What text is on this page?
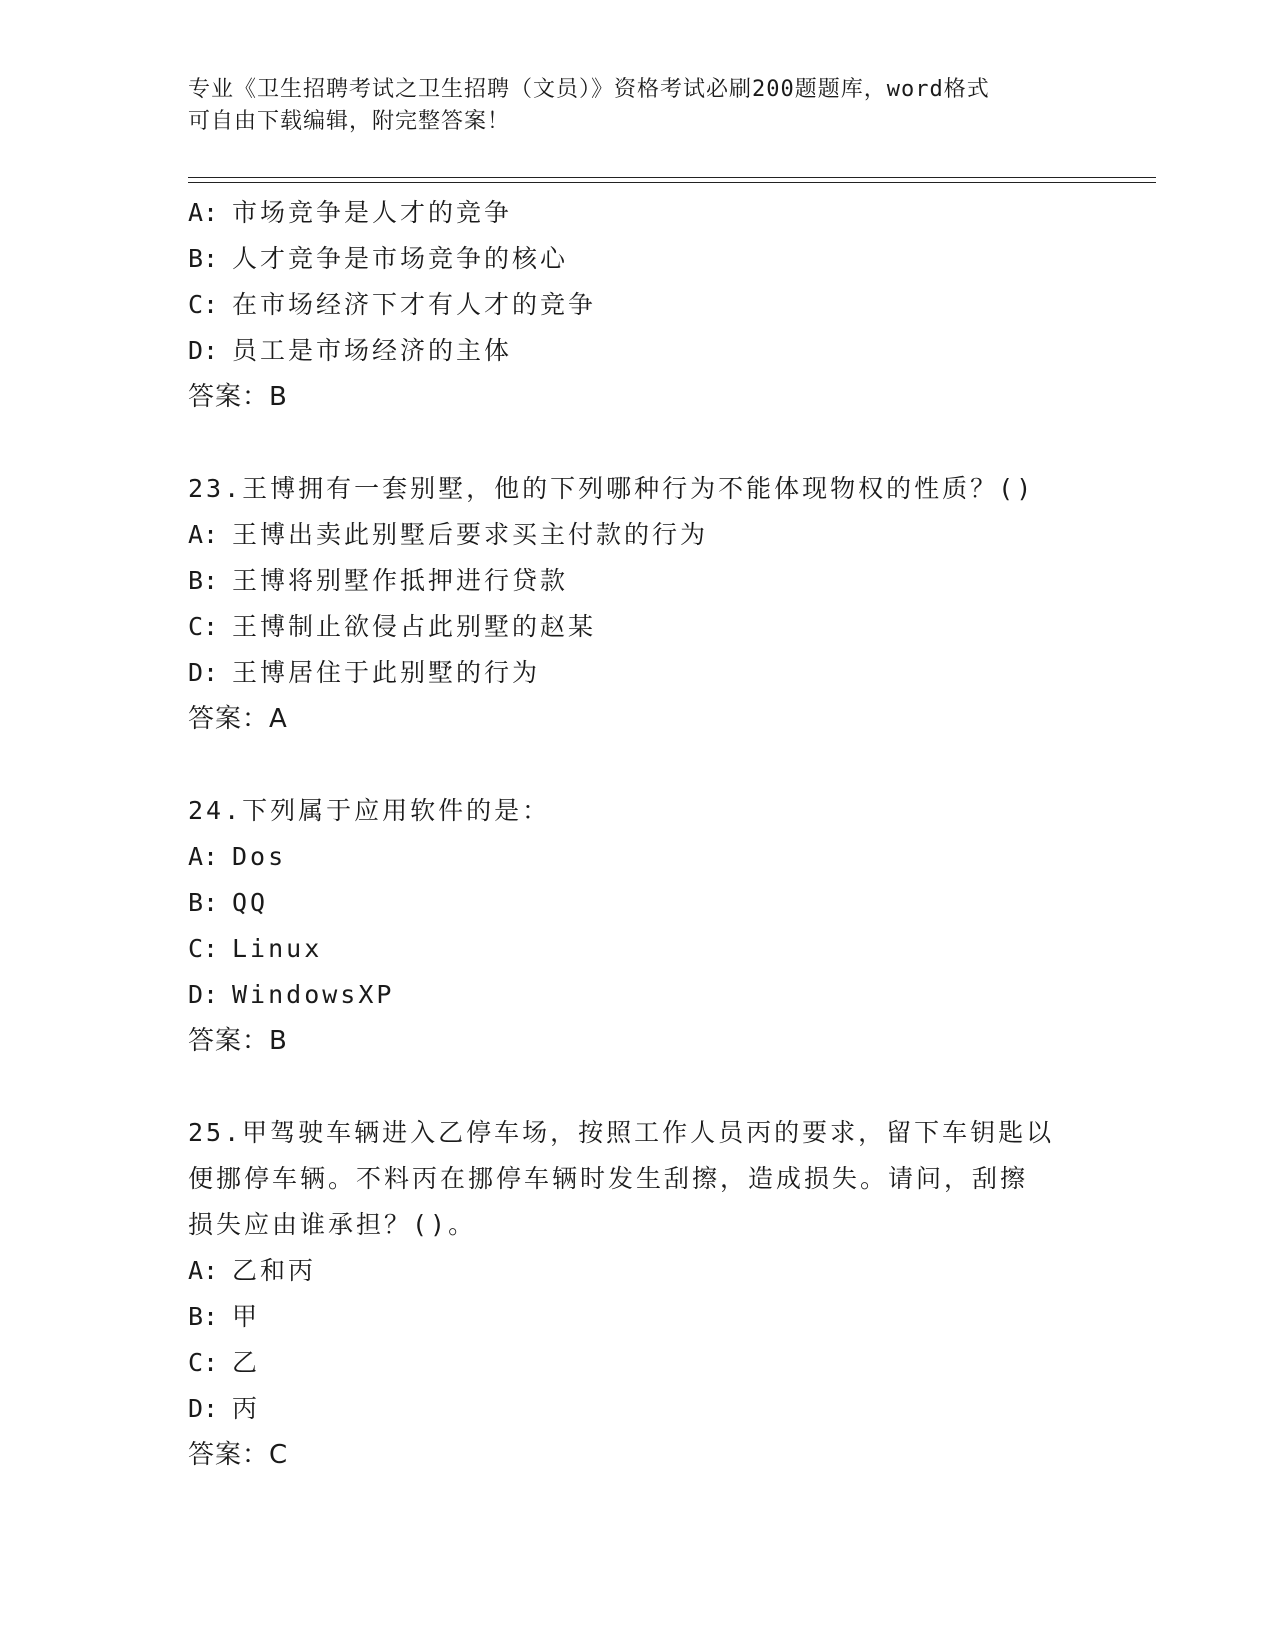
专业《卫生招聘考试之卫生招聘（文员）》资格考试必刷200题题库，word格式
可自由下载编辑，附完整答案！
A: 市场竞争是人才的竞争
B: 人才竞争是市场竞争的核心
C: 在市场经济下才有人才的竞争
D: 员工是市场经济的主体
答案：B
23.王博拥有一套别墅，他的下列哪种行为不能体现物权的性质？()
A: 王博出卖此别墅后要求买主付款的行为
B: 王博将别墅作抵押进行贷款
C: 王博制止欲侵占此别墅的赵某
D: 王博居住于此别墅的行为
答案：A
24.下列属于应用软件的是：
A: Dos
B: QQ
C: Linux
D: WindowsXP
答案：B
25.甲驾驶车辆进入乙停车场，按照工作人员丙的要求，留下车钥匙以
便挪停车辆。不料丙在挪停车辆时发生刮擦，造成损失。请问，刮擦
损失应由谁承担？()。
A: 乙和丙
B: 甲
C: 乙
D: 丙
答案：C
